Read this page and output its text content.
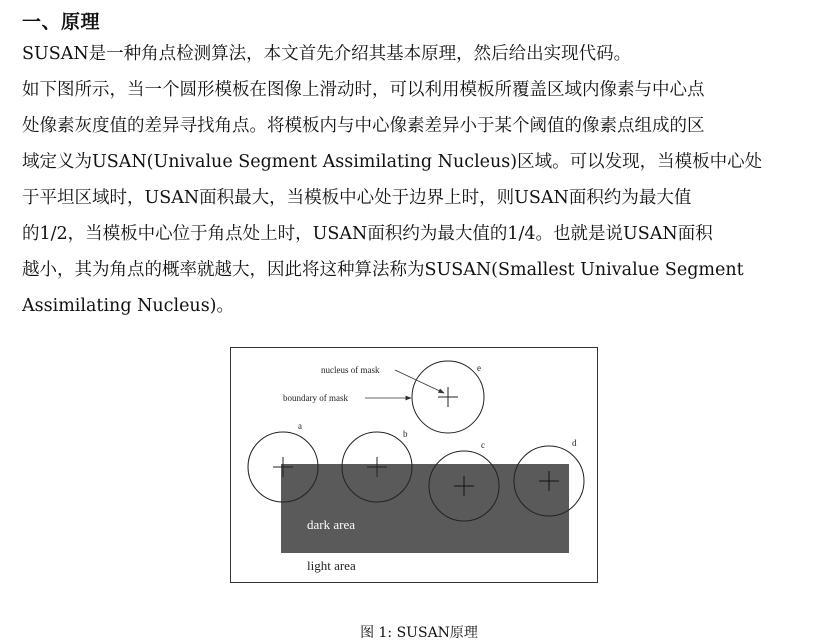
一、原理
SUSAN是一种角点检测算法，本文首先介绍其基本原理，然后给出实现代码。
如下图所示，当一个圆形模板在图像上滑动时，可以利用模板所覆盖区域内像素与中心点
处像素灰度值的差异寻找角点。将模板内与中心像素差异小于某个阈值的像素点组成的区
域定义为USAN(Univalue Segment Assimilating Nucleus)区域。可以发现，当模板中心处
于平坦区域时，USAN面积最大，当模板中心处于边界上时，则USAN面积约为最大值
的1/2，当模板中心位于角点处上时，USAN面积约为最大值的1/4。也就是说USAN面积
越小，其为角点的概率就越大，因此将这种算法称为SUSAN(Smallest Univalue Segment
Assimilating Nucleus)。
nucleus of mask
boundary of mask
a
b
c	d
e
dark area
light area
图 1: SUSAN原理
